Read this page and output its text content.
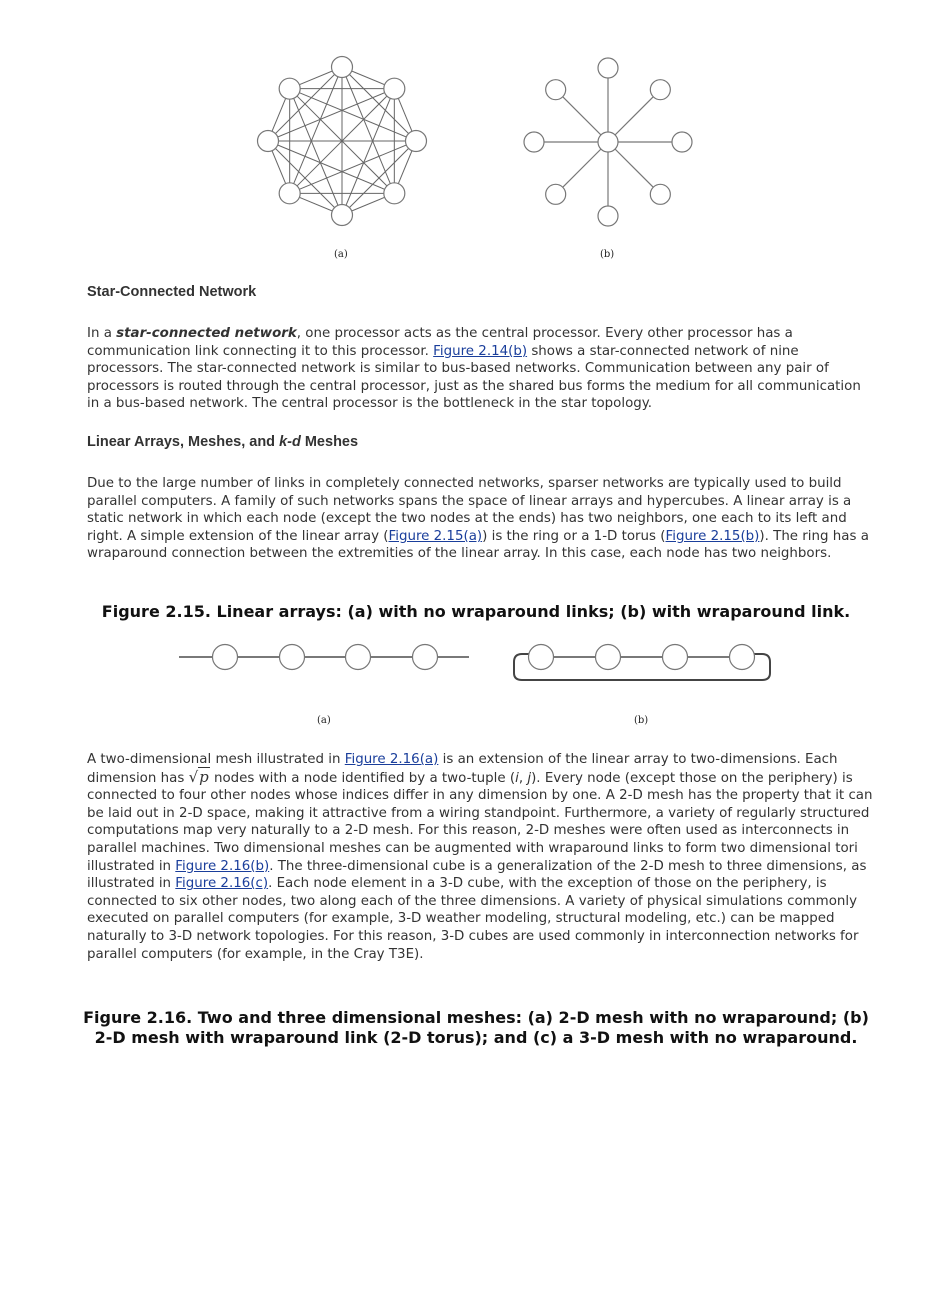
(a)	(b)
Star-Connected Network

In a star-connected network, one processor acts as the central processor. Every other processor has a communication link connecting it to this processor. Figure 2.14(b) shows a star-connected network of nine processors. The star-connected network is similar to bus-based networks. Communication between any pair of processors is routed through the central processor, just as the shared bus forms the medium for all communication in a bus-based network. The central processor is the bottleneck in the star topology.

Linear Arrays, Meshes, and k-d Meshes

Due to the large number of links in completely connected networks, sparser networks are typically used to build parallel computers. A family of such networks spans the space of linear arrays and hypercubes. A linear array is a static network in which each node (except the two nodes at the ends) has two neighbors, one each to its left and right. A simple extension of the linear array (Figure 2.15(a)) is the ring or a 1-D torus (Figure 2.15(b)). The ring has a wraparound connection between the extremities of the linear array. In this case, each node has two neighbors.

Figure 2.15. Linear arrays: (a) with no wraparound links; (b) with wraparound link.
(a)	(b)

A two-dimensional mesh illustrated in Figure 2.16(a) is an extension of the linear array to two-dimensions. Each dimension has √p nodes with a node identified by a two-tuple (i, j). Every node (except those on the periphery) is connected to four other nodes whose indices differ in any dimension by one. A 2-D mesh has the property that it can be laid out in 2-D space, making it attractive from a wiring standpoint. Furthermore, a variety of regularly structured computations map very naturally to a 2-D mesh. For this reason, 2-D meshes were often used as interconnects in parallel machines. Two dimensional meshes can be augmented with wraparound links to form two dimensional tori illustrated in Figure 2.16(b). The three-dimensional cube is a generalization of the 2-D mesh to three dimensions, as illustrated in Figure 2.16(c). Each node element in a 3-D cube, with the exception of those on the periphery, is connected to six other nodes, two along each of the three dimensions. A variety of physical simulations commonly executed on parallel computers (for example, 3-D weather modeling, structural modeling, etc.) can be mapped naturally to 3-D network topologies. For this reason, 3-D cubes are used commonly in interconnection networks for parallel computers (for example, in the Cray T3E).

Figure 2.16. Two and three dimensional meshes: (a) 2-D mesh with no wraparound; (b) 2-D mesh with wraparound link (2-D torus); and (c) a 3-D mesh with no wraparound.
